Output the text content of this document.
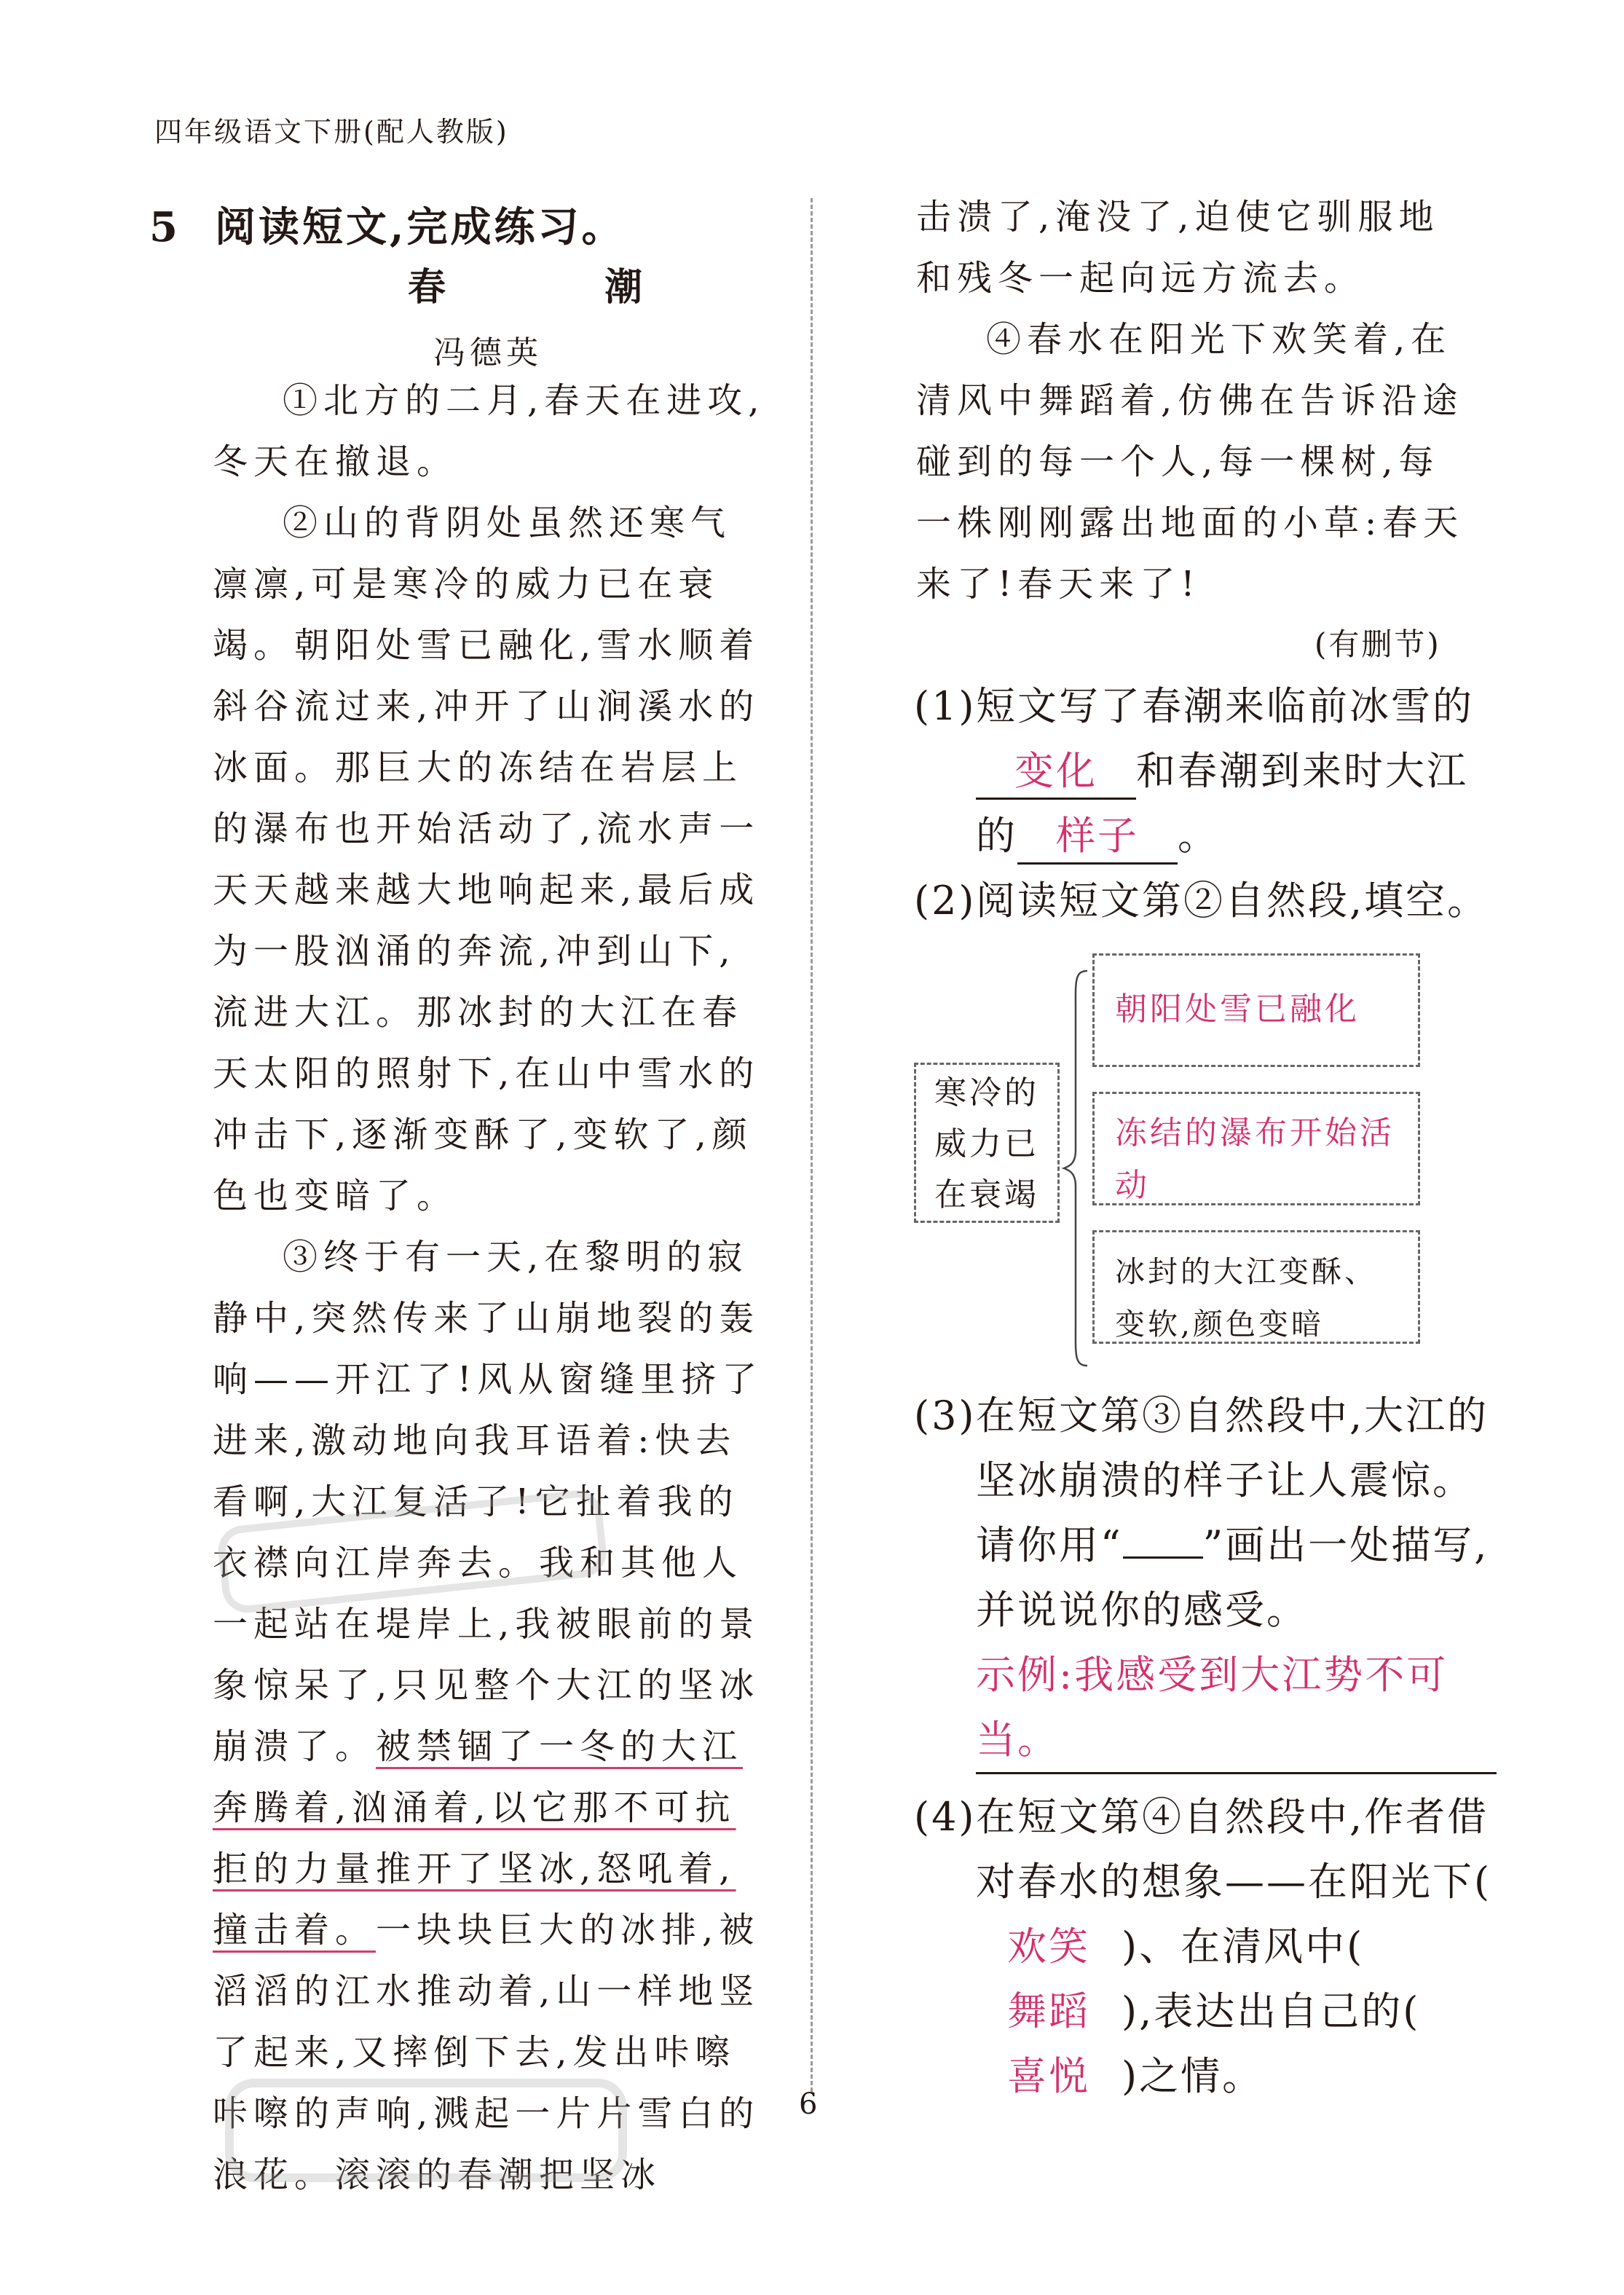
四年级语文下册(配人教版)
5 阅读短文,完成练习。
春 潮
冯德英

①北方的二月,春天在进攻,冬天在撤退。

②山的背阴处虽然还寒气凛凛,可是寒冷的威力已在衰竭。朝阳处雪已融化,雪水顺着斜谷流过来,冲开了山涧溪水的冰面。那巨大的冻结在岩层上的瀑布也开始活动了,流水声一天天越来越大地响起来,最后成为一股汹涌的奔流,冲到山下,流进大江。那冰封的大江在春天太阳的照射下,在山中雪水的冲击下,逐渐变酥了,变软了,颜色也变暗了。

③终于有一天,在黎明的寂静中,突然传来了山崩地裂的轰响——开江了!风从窗缝里挤了进来,激动地向我耳语着:快去看啊,大江复活了!它扯着我的衣襟向江岸奔去。我和其他人一起站在堤岸上,我被眼前的景象惊呆了,只见整个大江的坚冰崩溃了。被禁锢了一冬的大江奔腾着,汹涌着,以它那不可抗拒的力量推开了坚冰,怒吼着,撞击着。一块块巨大的冰排,被滔滔的江水推动着,山一样地竖了起来,又摔倒下去,发出咔嚓咔嚓的声响,溅起一片片雪白的浪花。滚滚的春潮把坚冰

击溃了,淹没了,迫使它驯服地和残冬一起向远方流去。

④春水在阳光下欢笑着,在清风中舞蹈着,仿佛在告诉沿途碰到的每一个人,每一棵树,每一株刚刚露出地面的小草:春天来了!春天来了!

(有删节)
(1) 短文写了春潮来临前冰雪的变化 和春潮到来时大江的 样子 。
(2) 阅读短文第②自然段,填空。
寒冷的
威力已
在衰竭
朝阳处雪已融化
冻结的瀑布开始活动
冰封的大江变酥、变软,颜色变暗
(3) 在短文第③自然段中,大江的坚冰崩溃的样子让人震惊。请你用“ ”画出一处描写,并说说你的感受。
示例:我感受到大江势不可当。
(4) 在短文第④自然段中,作者借对春水的想象——在阳光下(欢笑 )、在清风中(舞蹈 ),表达出自己的(喜悦 )之情。
6
